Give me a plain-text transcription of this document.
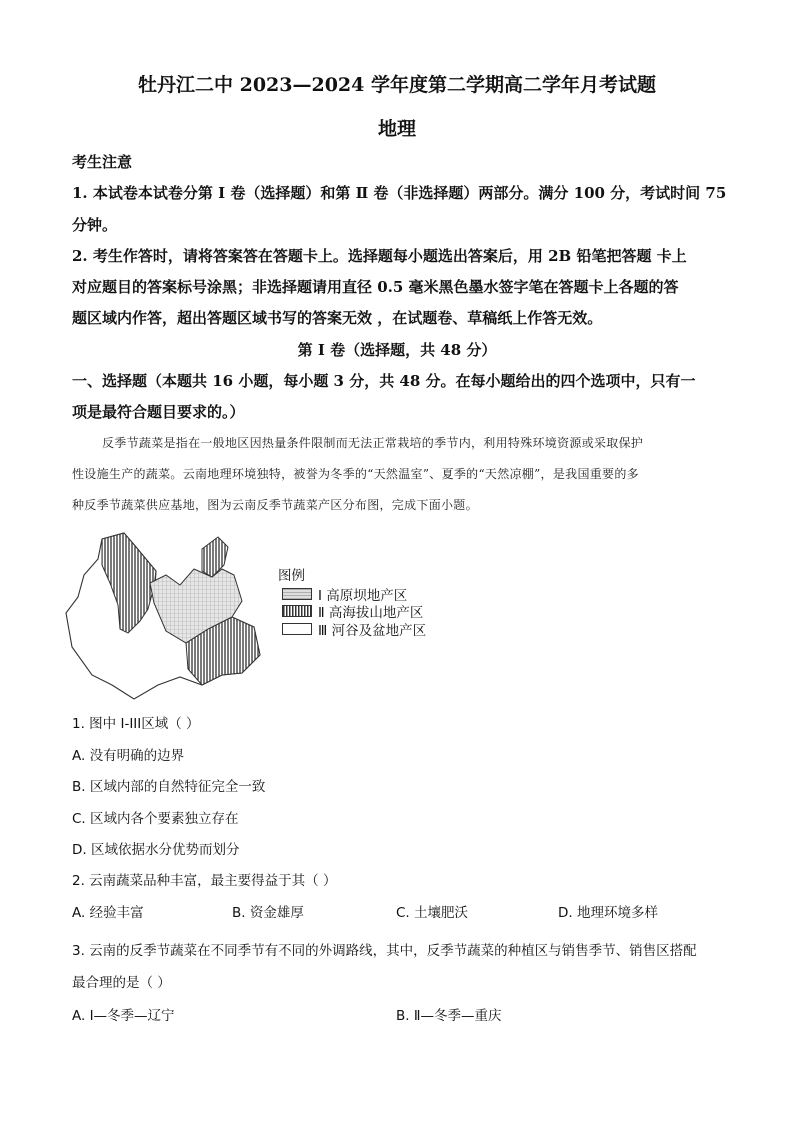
牡丹江二中 2023—2024 学年度第二学期高二学年月考试题
地理
考生注意
1. 本试卷本试卷分第 Ⅰ 卷（选择题）和第 Ⅱ 卷（非选择题）两部分。满分 100 分，考试时间 75
分钟。
2. 考生作答时，请将答案答在答题卡上。选择题每小题选出答案后，用 2B 铅笔把答题 卡上
对应题目的答案标号涂黑；非选择题请用直径 0.5 毫米黑色墨水签字笔在答题卡上各题的答
题区域内作答，超出答题区域书写的答案无效 ，在试题卷、草稿纸上作答无效。
第 Ⅰ 卷（选择题，共 48 分）
一、选择题（本题共 16 小题，每小题 3 分，共 48 分。在每小题给出的四个选项中，只有一
项是最符合题目要求的。）
反季节蔬菜是指在一般地区因热量条件限制而无法正常栽培的季节内，利用特殊环境资源或采取保护
性设施生产的蔬菜。云南地理环境独特，被誉为冬季的“天然温室”、夏季的“天然凉棚”，是我国重要的多
种反季节蔬菜供应基地，图为云南反季节蔬菜产区分布图，完成下面小题。
图例
Ⅰ 高原坝地产区
Ⅱ 高海拔山地产区
Ⅲ 河谷及盆地产区
1. 图中 I-III区域（ ）
A. 没有明确的边界
B. 区域内部的自然特征完全一致
C. 区域内各个要素独立存在
D. 区域依据水分优势而划分
2. 云南蔬菜品种丰富，最主要得益于其（ ）
A. 经验丰富	B. 资金雄厚	C. 土壤肥沃	D. 地理环境多样
3. 云南的反季节蔬菜在不同季节有不同的外调路线，其中，反季节蔬菜的种植区与销售季节、销售区搭配
最合理的是（ ）
A. Ⅰ—冬季—辽宁	B. Ⅱ—冬季—重庆
